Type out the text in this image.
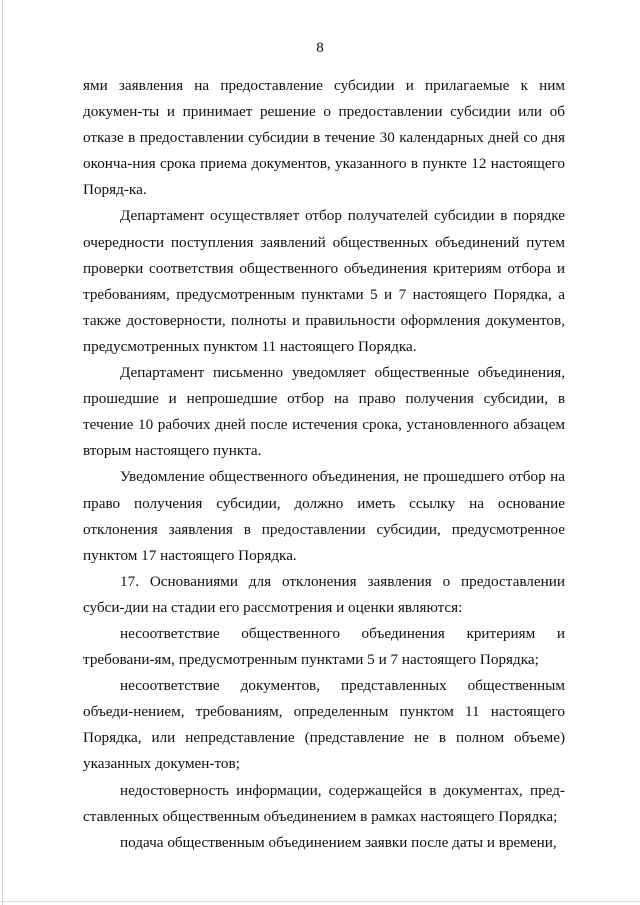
8

ями заявления на предоставление субсидии и прилагаемые к ним докумен-ты и принимает решение о предоставлении субсидии или об отказе в предоставлении субсидии в течение 30 календарных дней со дня оконча-ния срока приема документов, указанного в пункте 12 настоящего Поряд-ка.

Департамент осуществляет отбор получателей субсидии в порядке очередности поступления заявлений общественных объединений путем проверки соответствия общественного объединения критериям отбора и требованиям, предусмотренным пунктами 5 и 7 настоящего Порядка, а также достоверности, полноты и правильности оформления документов, предусмотренных пунктом 11 настоящего Порядка.

Департамент письменно уведомляет общественные объединения, прошедшие и непрошедшие отбор на право получения субсидии, в течение 10 рабочих дней после истечения срока, установленного абзацем вторым настоящего пункта.

Уведомление общественного объединения, не прошедшего отбор на право получения субсидии, должно иметь ссылку на основание отклонения заявления в предоставлении субсидии, предусмотренное пунктом 17 настоящего Порядка.

17. Основаниями для отклонения заявления о предоставлении субси-дии на стадии его рассмотрения и оценки являются:

несоответствие общественного объединения критериям и требовани-ям, предусмотренным пунктами 5 и 7 настоящего Порядка;

несоответствие документов, представленных общественным объеди-нением, требованиям, определенным пунктом 11 настоящего Порядка, или непредставление (представление не в полном объеме) указанных докумен-тов;

недостоверность информации, содержащейся в документах, пред-ставленных общественным объединением в рамках настоящего Порядка;

подача общественным объединением заявки после даты и времени,
